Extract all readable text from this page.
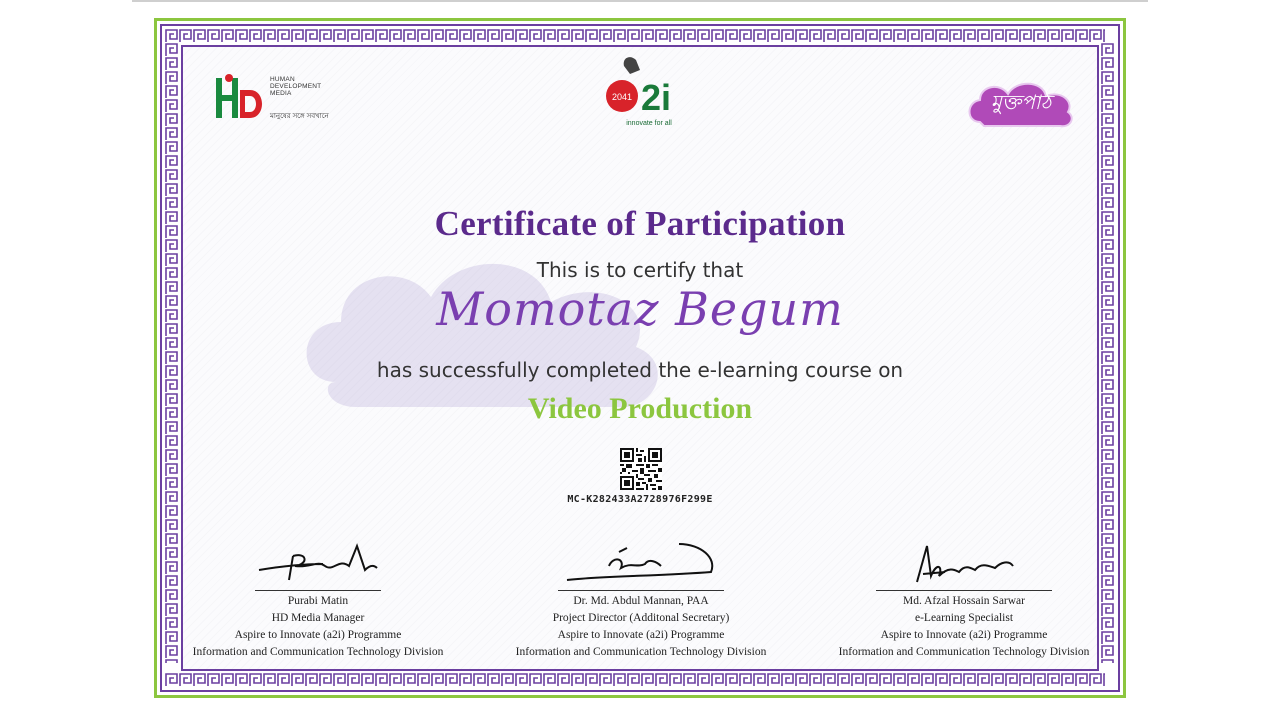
HUMAN
DEVELOPMENT
MEDIA
মানুষের সঙ্গে সবখানে
2041 2i
innovate for all
মুক্তপাঠ
Certificate of Participation
This is to certify that
Momotaz Begum
has successfully completed the e-learning course on
Video Production
MC-K282433A2728976F299E
Purabi Matin
HD Media Manager
Aspire to Innovate (a2i) Programme
Information and Communication Technology Division
Dr. Md. Abdul Mannan, PAA
Project Director (Additonal Secretary)
Aspire to Innovate (a2i) Programme
Information and Communication Technology Division
Md. Afzal Hossain Sarwar
e-Learning Specialist
Aspire to Innovate (a2i) Programme
Information and Communication Technology Division
